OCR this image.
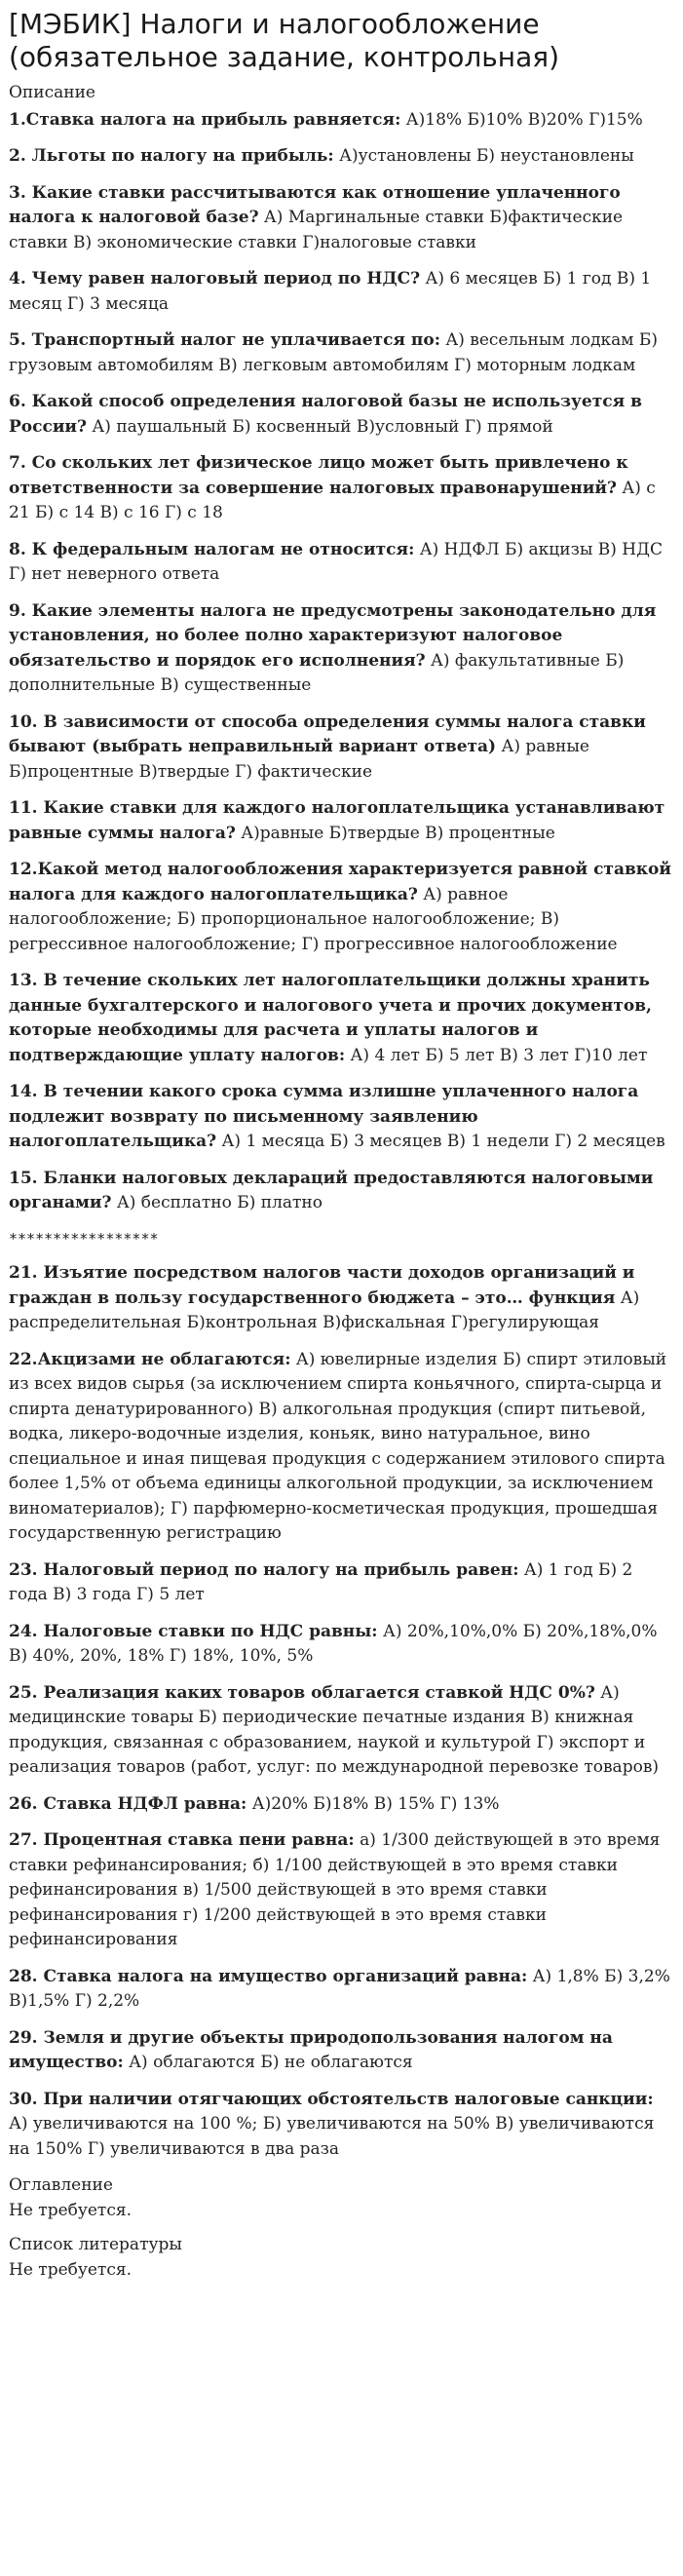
[МЭБИК] Налоги и налогообложение (обязательное задание, контрольная)
Описание
1.Ставка налога на прибыль равняется: А)18% Б)10% В)20% Г)15%
2. Льготы по налогу на прибыль: А)установлены Б) неустановлены
3. Какие ставки рассчитываются как отношение уплаченного налога к налоговой базе? А) Маргинальные ставки Б)фактические ставки В) экономические ставки Г)налоговые ставки
4. Чему равен налоговый период по НДС? А) 6 месяцев Б) 1 год В) 1 месяц Г) 3 месяца
5. Транспортный налог не уплачивается по: А) весельным лодкам Б) грузовым автомобилям В) легковым автомобилям Г) моторным лодкам
6. Какой способ определения налоговой базы не используется в России? А) паушальный Б) косвенный В)условный Г) прямой
7. Со скольких лет физическое лицо может быть привлечено к ответственности за совершение налоговых правонарушений? А) с 21 Б) с 14 В) с 16 Г) с 18
8. К федеральным налогам не относится: А) НДФЛ Б) акцизы В) НДС Г) нет неверного ответа
9. Какие элементы налога не предусмотрены законодательно для установления, но более полно характеризуют налоговое обязательство и порядок его исполнения? А) факультативные Б) дополнительные В) существенные
10. В зависимости от способа определения суммы налога ставки бывают (выбрать неправильный вариант ответа) А) равные Б)процентные В)твердые Г) фактические
11. Какие ставки для каждого налогоплательщика устанавливают равные суммы налога? А)равные Б)твердые В) процентные
12.Какой метод налогообложения характеризуется равной ставкой налога для каждого налогоплательщика? А) равное налогообложение; Б) пропорциональное налогообложение; В) регрессивное налогообложение; Г) прогрессивное налогообложение
13. В течение скольких лет налогоплательщики должны хранить данные бухгалтерского и налогового учета и прочих документов, которые необходимы для расчета и уплаты налогов и подтверждающие уплату налогов: А) 4 лет Б) 5 лет В) 3 лет Г)10 лет
14. В течении какого срока сумма излишне уплаченного налога подлежит возврату по письменному заявлению налогоплательщика? А) 1 месяца Б) 3 месяцев В) 1 недели Г) 2 месяцев
15. Бланки налоговых деклараций предоставляются налоговыми органами? А) бесплатно Б) платно
*****************
21. Изъятие посредством налогов части доходов организаций и граждан в пользу государственного бюджета – это… функция А) распределительная Б)контрольная В)фискальная Г)регулирующая
22.Акцизами не облагаются: А) ювелирные изделия Б) спирт этиловый из всех видов сырья (за исключением спирта коньячного, спирта-сырца и спирта денатурированного) В) алкогольная продукция (спирт питьевой, водка, ликеро-водочные изделия, коньяк, вино натуральное, вино специальное и иная пищевая продукция с содержанием этилового спирта более 1,5% от объема единицы алкогольной продукции, за исключением виноматериалов); Г) парфюмерно-косметическая продукция, прошедшая государственную регистрацию
23. Налоговый период по налогу на прибыль равен: А) 1 год Б) 2 года В) 3 года Г) 5 лет
24. Налоговые ставки по НДС равны: А) 20%,10%,0% Б) 20%,18%,0% В) 40%, 20%, 18% Г) 18%, 10%, 5%
25. Реализация каких товаров облагается ставкой НДС 0%? А) медицинские товары Б) периодические печатные издания В) книжная продукция, связанная с образованием, наукой и культурой Г) экспорт и реализация товаров (работ, услуг: по международной перевозке товаров)
26. Ставка НДФЛ равна: А)20% Б)18% В) 15% Г) 13%
27. Процентная ставка пени равна: а) 1/300 действующей в это время ставки рефинансирования; б) 1/100 действующей в это время ставки рефинансирования в) 1/500 действующей в это время ставки рефинансирования г) 1/200 действующей в это время ставки рефинансирования
28. Ставка налога на имущество организаций равна: А) 1,8% Б) 3,2% В)1,5% Г) 2,2%
29. Земля и другие объекты природопользования налогом на имущество: А) облагаются Б) не облагаются
30. При наличии отягчающих обстоятельств налоговые санкции: А) увеличиваются на 100 %; Б) увеличиваются на 50% В) увеличиваются на 150% Г) увеличиваются в два раза
Оглавление
Не требуется.
Список литературы
Не требуется.
